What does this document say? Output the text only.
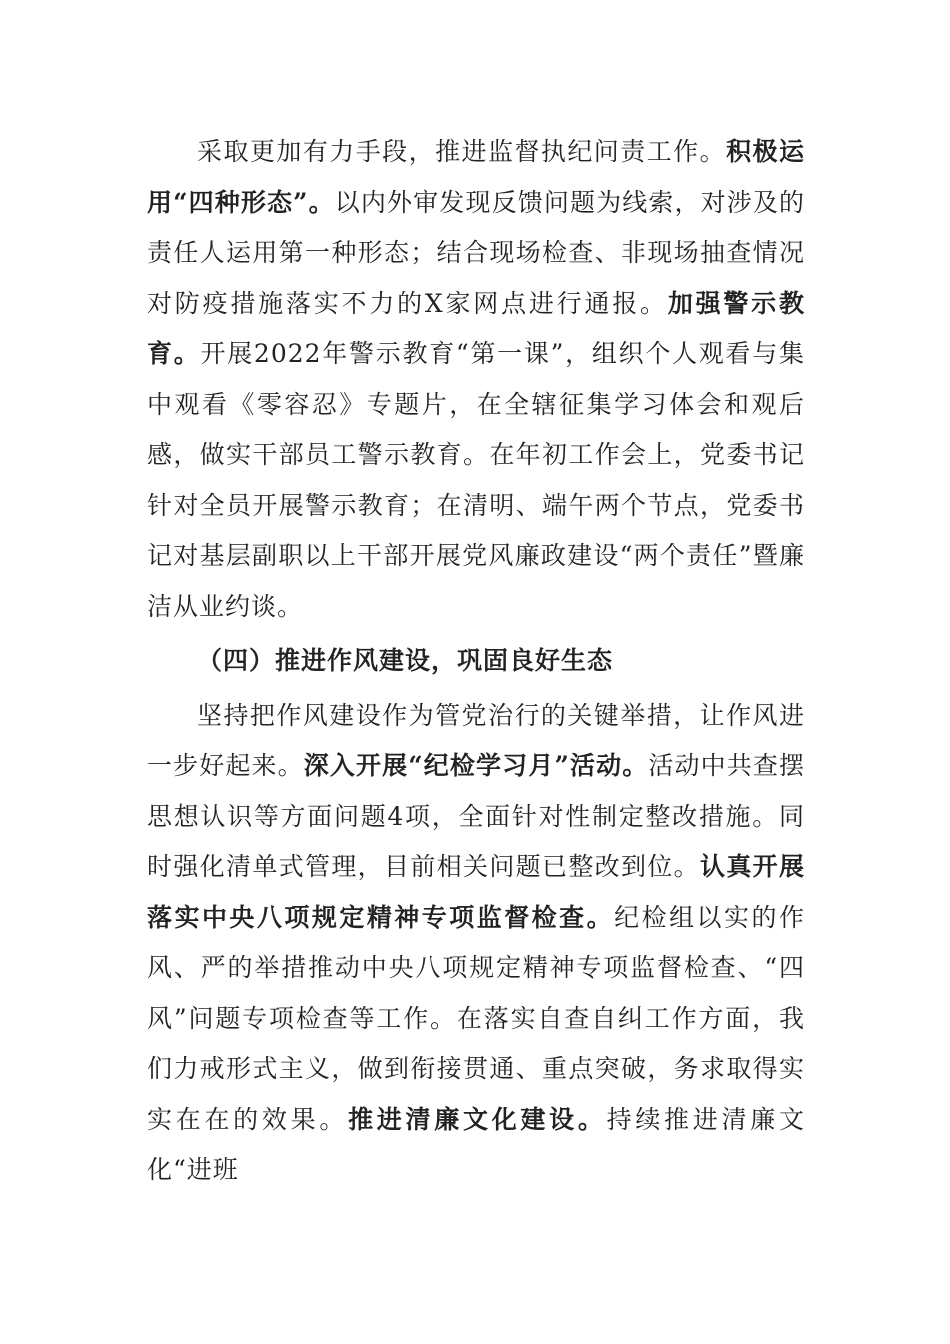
采取更加有力手段，推进监督执纪问责工作。积极运用“四种形态”。以内外审发现反馈问题为线索，对涉及的责任人运用第一种形态；结合现场检查、非现场抽查情况对防疫措施落实不力的X家网点进行通报。加强警示教育。开展2022年警示教育“第一课”，组织个人观看与集中观看《零容忍》专题片，在全辖征集学习体会和观后感，做实干部员工警示教育。在年初工作会上，党委书记针对全员开展警示教育；在清明、端午两个节点，党委书记对基层副职以上干部开展党风廉政建设“两个责任”暨廉洁从业约谈。

（四）推进作风建设，巩固良好生态

坚持把作风建设作为管党治行的关键举措，让作风进一步好起来。深入开展“纪检学习月”活动。活动中共查摆思想认识等方面问题4项，全面针对性制定整改措施。同时强化清单式管理，目前相关问题已整改到位。认真开展落实中央八项规定精神专项监督检查。纪检组以实的作风、严的举措推动中央八项规定精神专项监督检查、“四风”问题专项检查等工作。在落实自查自纠工作方面，我们力戒形式主义，做到衔接贯通、重点突破，务求取得实实在在的效果。推进清廉文化建设。持续推进清廉文化“进班
